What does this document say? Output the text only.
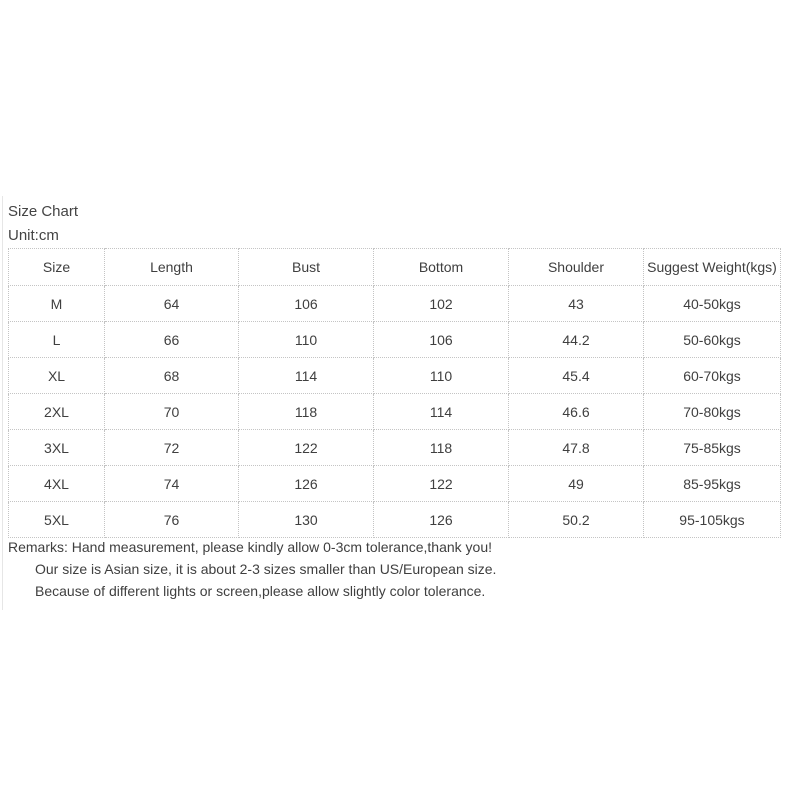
Size Chart
Unit:cm
Size	Length	Bust	Bottom	Shoulder	Suggest Weight(kgs)
M	64	106	102	43	40-50kgs
L	66	110	106	44.2	50-60kgs
XL	68	114	110	45.4	60-70kgs
2XL	70	118	114	46.6	70-80kgs
3XL	72	122	118	47.8	75-85kgs
4XL	74	126	122	49	85-95kgs
5XL	76	130	126	50.2	95-105kgs
Remarks: Hand measurement, please kindly allow 0-3cm tolerance,thank you!
Our size is Asian size, it is about 2-3 sizes smaller than US/European size.
Because of different lights or screen,please allow slightly color tolerance.
